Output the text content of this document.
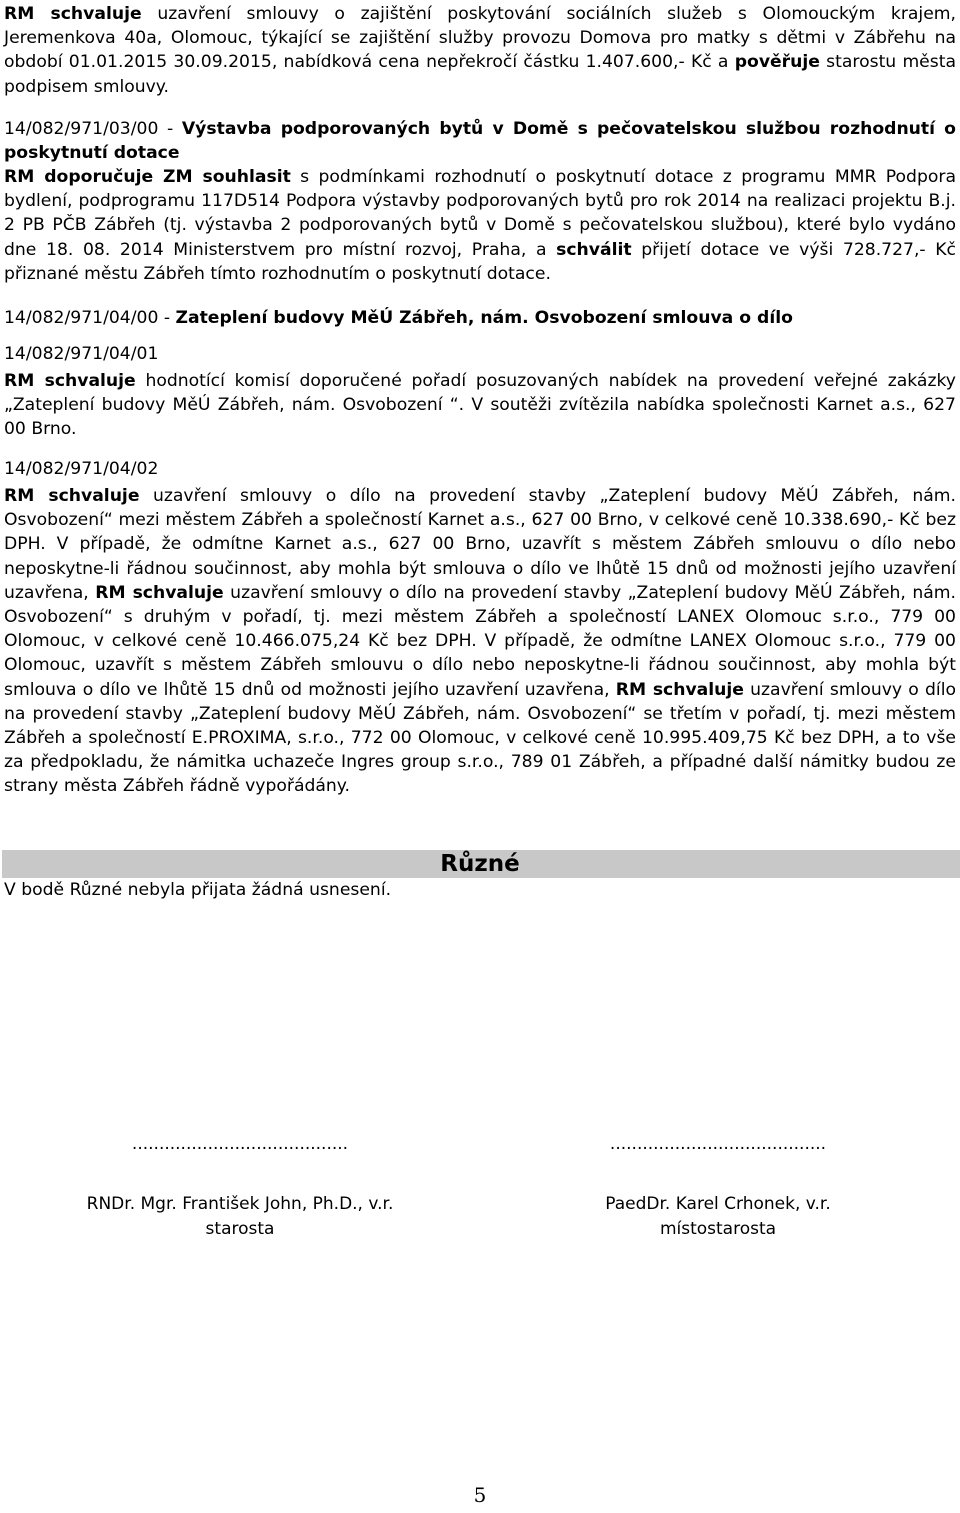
RM schvaluje uzavření smlouvy o zajištění poskytování sociálních služeb s Olomouckým krajem, Jeremenkova 40a, Olomouc, týkající se zajištění služby provozu Domova pro matky s dětmi v Zábřehu na období 01.01.2015 30.09.2015, nabídková cena nepřekročí částku 1.407.600,- Kč a pověřuje starostu města podpisem smlouvy.
14/082/971/03/00 - Výstavba podporovaných bytů v Domě s pečovatelskou službou rozhodnutí o poskytnutí dotace
RM doporučuje ZM souhlasit s podmínkami rozhodnutí o poskytnutí dotace z programu MMR Podpora bydlení, podprogramu 117D514 Podpora výstavby podporovaných bytů pro rok 2014 na realizaci projektu B.j. 2 PB PČB Zábřeh (tj. výstavba 2 podporovaných bytů v Domě s pečovatelskou službou), které bylo vydáno dne 18. 08. 2014 Ministerstvem pro místní rozvoj, Praha, a schválit přijetí dotace ve výši 728.727,- Kč přiznané městu Zábřeh tímto rozhodnutím o poskytnutí dotace.
14/082/971/04/00 - Zateplení budovy MěÚ Zábřeh, nám. Osvobození smlouva o dílo
14/082/971/04/01
RM schvaluje hodnotící komisí doporučené pořadí posuzovaných nabídek na provedení veřejné zakázky „Zateplení budovy MěÚ Zábřeh, nám. Osvobození “. V soutěži zvítězila nabídka společnosti Karnet a.s., 627 00 Brno.
14/082/971/04/02
RM schvaluje uzavření smlouvy o dílo na provedení stavby „Zateplení budovy MěÚ Zábřeh, nám. Osvobození“ mezi městem Zábřeh a společností Karnet a.s., 627 00 Brno, v celkové ceně 10.338.690,- Kč bez DPH. V případě, že odmítne Karnet a.s., 627 00 Brno, uzavřít s městem Zábřeh smlouvu o dílo nebo neposkytne-li řádnou součinnost, aby mohla být smlouva o dílo ve lhůtě 15 dnů od možnosti jejího uzavření uzavřena, RM schvaluje uzavření smlouvy o dílo na provedení stavby „Zateplení budovy MěÚ Zábřeh, nám. Osvobození“ s druhým v pořadí, tj. mezi městem Zábřeh a společností LANEX Olomouc s.r.o., 779 00 Olomouc, v celkové ceně 10.466.075,24 Kč bez DPH. V případě, že odmítne LANEX Olomouc s.r.o., 779 00 Olomouc, uzavřít s městem Zábřeh smlouvu o dílo nebo neposkytne-li řádnou součinnost, aby mohla být smlouva o dílo ve lhůtě 15 dnů od možnosti jejího uzavření uzavřena, RM schvaluje uzavření smlouvy o dílo na provedení stavby „Zateplení budovy MěÚ Zábřeh, nám. Osvobození“ se třetím v pořadí, tj. mezi městem Zábřeh a společností E.PROXIMA, s.r.o., 772 00 Olomouc, v celkové ceně 10.995.409,75 Kč bez DPH, a to vše za předpokladu, že námitka uchazeče Ingres group s.r.o., 789 01 Zábřeh, a případné další námitky budou ze strany města Zábřeh řádně vypořádány.
Různé
V bodě Různé nebyla přijata žádná usnesení.
........................................
RNDr. Mgr. František John, Ph.D., v.r.
starosta
........................................
PaedDr. Karel Crhonek, v.r.
místostarosta
5
